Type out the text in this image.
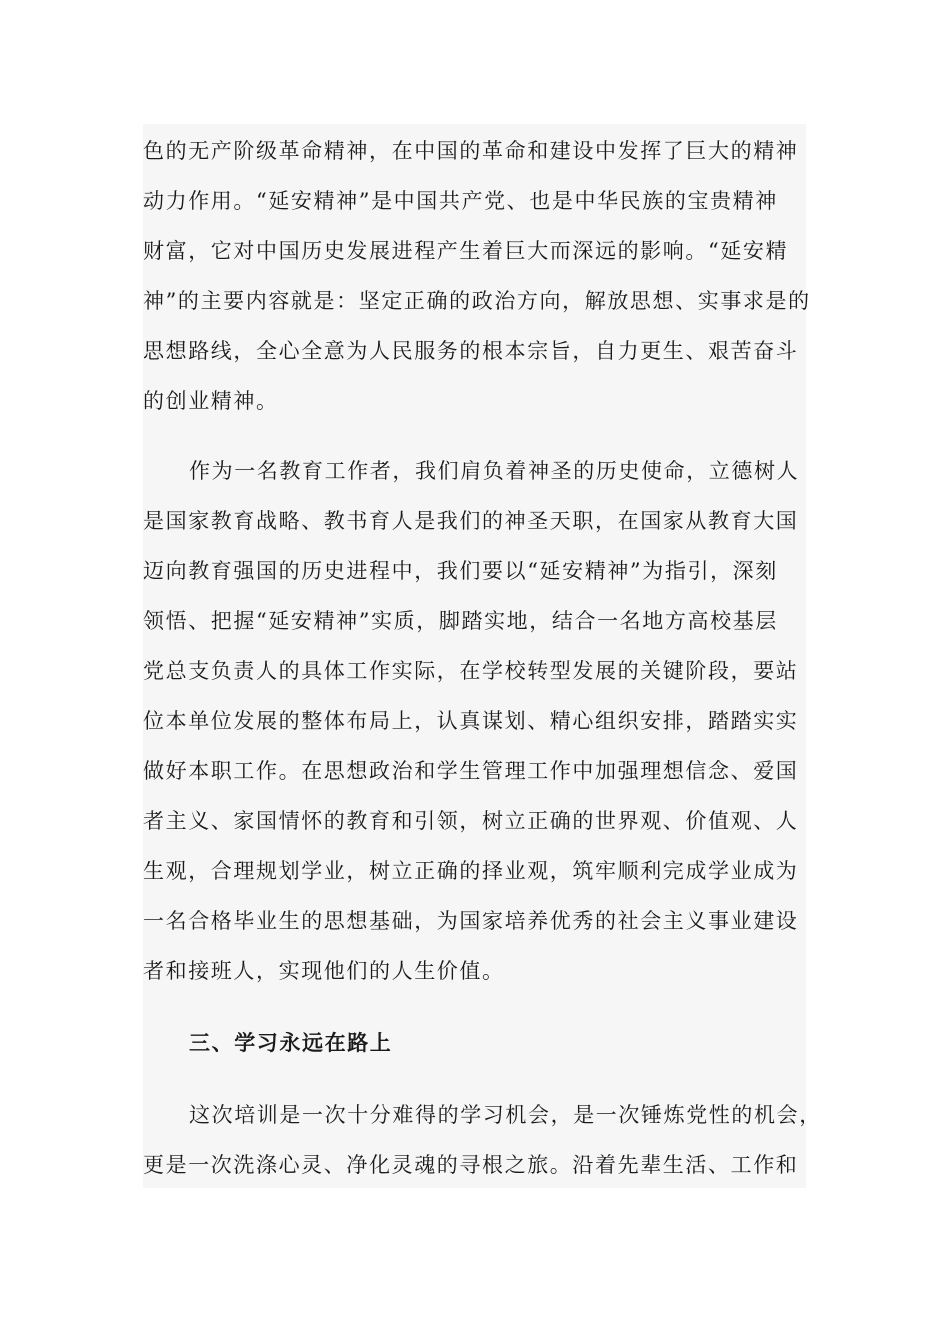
色的无产阶级革命精神，在中国的革命和建设中发挥了巨大的精神
动力作用。“延安精神”是中国共产党、也是中华民族的宝贵精神
财富，它对中国历史发展进程产生着巨大而深远的影响。“延安精
神”的主要内容就是：坚定正确的政治方向，解放思想、实事求是的
思想路线，全心全意为人民服务的根本宗旨，自力更生、艰苦奋斗
的创业精神。

作为一名教育工作者，我们肩负着神圣的历史使命，立德树人
是国家教育战略、教书育人是我们的神圣天职，在国家从教育大国
迈向教育强国的历史进程中，我们要以“延安精神”为指引，深刻
领悟、把握“延安精神”实质，脚踏实地，结合一名地方高校基层
党总支负责人的具体工作实际，在学校转型发展的关键阶段，要站
位本单位发展的整体布局上，认真谋划、精心组织安排，踏踏实实
做好本职工作。在思想政治和学生管理工作中加强理想信念、爱国
者主义、家国情怀的教育和引领，树立正确的世界观、价值观、人
生观，合理规划学业，树立正确的择业观，筑牢顺利完成学业成为
一名合格毕业生的思想基础，为国家培养优秀的社会主义事业建设
者和接班人，实现他们的人生价值。

三、学习永远在路上

这次培训是一次十分难得的学习机会，是一次锤炼党性的机会，
更是一次洗涤心灵、净化灵魂的寻根之旅。沿着先辈生活、工作和
